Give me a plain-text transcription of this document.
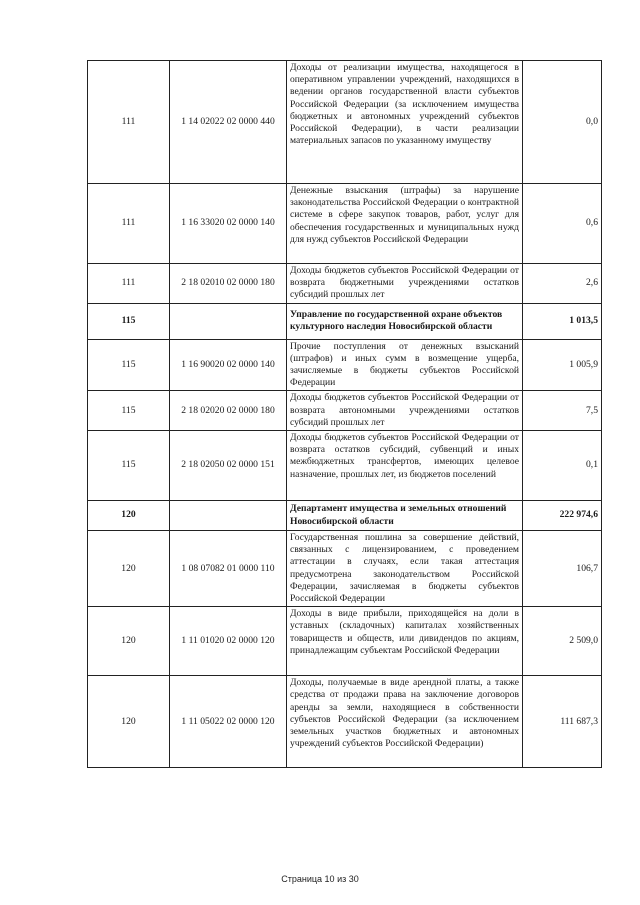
111	1 14 02022 02 0000 440	Доходы от реализации имущества, находящегося в оперативном управлении учреждений, находящихся в ведении органов государственной власти субъектов Российской Федерации (за исключением имущества бюджетных и автономных учреждений субъектов Российской Федерации), в части реализации материальных запасов по указанному имуществу	0,0
111	1 16 33020 02 0000 140	Денежные взыскания (штрафы) за нарушение законодательства Российской Федерации о контрактной системе в сфере закупок товаров, работ, услуг для обеспечения государственных и муниципальных нужд для нужд субъектов Российской Федерации	0,6
111	2 18 02010 02 0000 180	Доходы бюджетов субъектов Российской Федерации от возврата бюджетными учреждениями остатков субсидий прошлых лет	2,6
115		Управление по государственной охране объектов культурного наследия Новосибирской области	1 013,5
115	1 16 90020 02 0000 140	Прочие поступления от денежных взысканий (штрафов) и иных сумм в возмещение ущерба, зачисляемые в бюджеты субъектов Российской Федерации	1 005,9
115	2 18 02020 02 0000 180	Доходы бюджетов субъектов Российской Федерации от возврата автономными учреждениями остатков субсидий прошлых лет	7,5
115	2 18 02050 02 0000 151	Доходы бюджетов субъектов Российской Федерации от возврата остатков субсидий, субвенций и иных межбюджетных трансфертов, имеющих целевое назначение, прошлых лет, из бюджетов поселений	0,1
120		Департамент имущества и земельных отношений Новосибирской области	222 974,6
120	1 08 07082 01 0000 110	Государственная пошлина за совершение действий, связанных с лицензированием, с проведением аттестации в случаях, если такая аттестация предусмотрена законодательством Российской Федерации, зачисляемая в бюджеты субъектов Российской Федерации	106,7
120	1 11 01020 02 0000 120	Доходы в виде прибыли, приходящейся на доли в уставных (складочных) капиталах хозяйственных товариществ и обществ, или дивидендов по акциям, принадлежащим субъектам Российской Федерации	2 509,0
120	1 11 05022 02 0000 120	Доходы, получаемые в виде арендной платы, а также средства от продажи права на заключение договоров аренды за земли, находящиеся в собственности субъектов Российской Федерации (за исключением земельных участков бюджетных и автономных учреждений субъектов Российской Федерации)	111 687,3
Страница 10 из 30
